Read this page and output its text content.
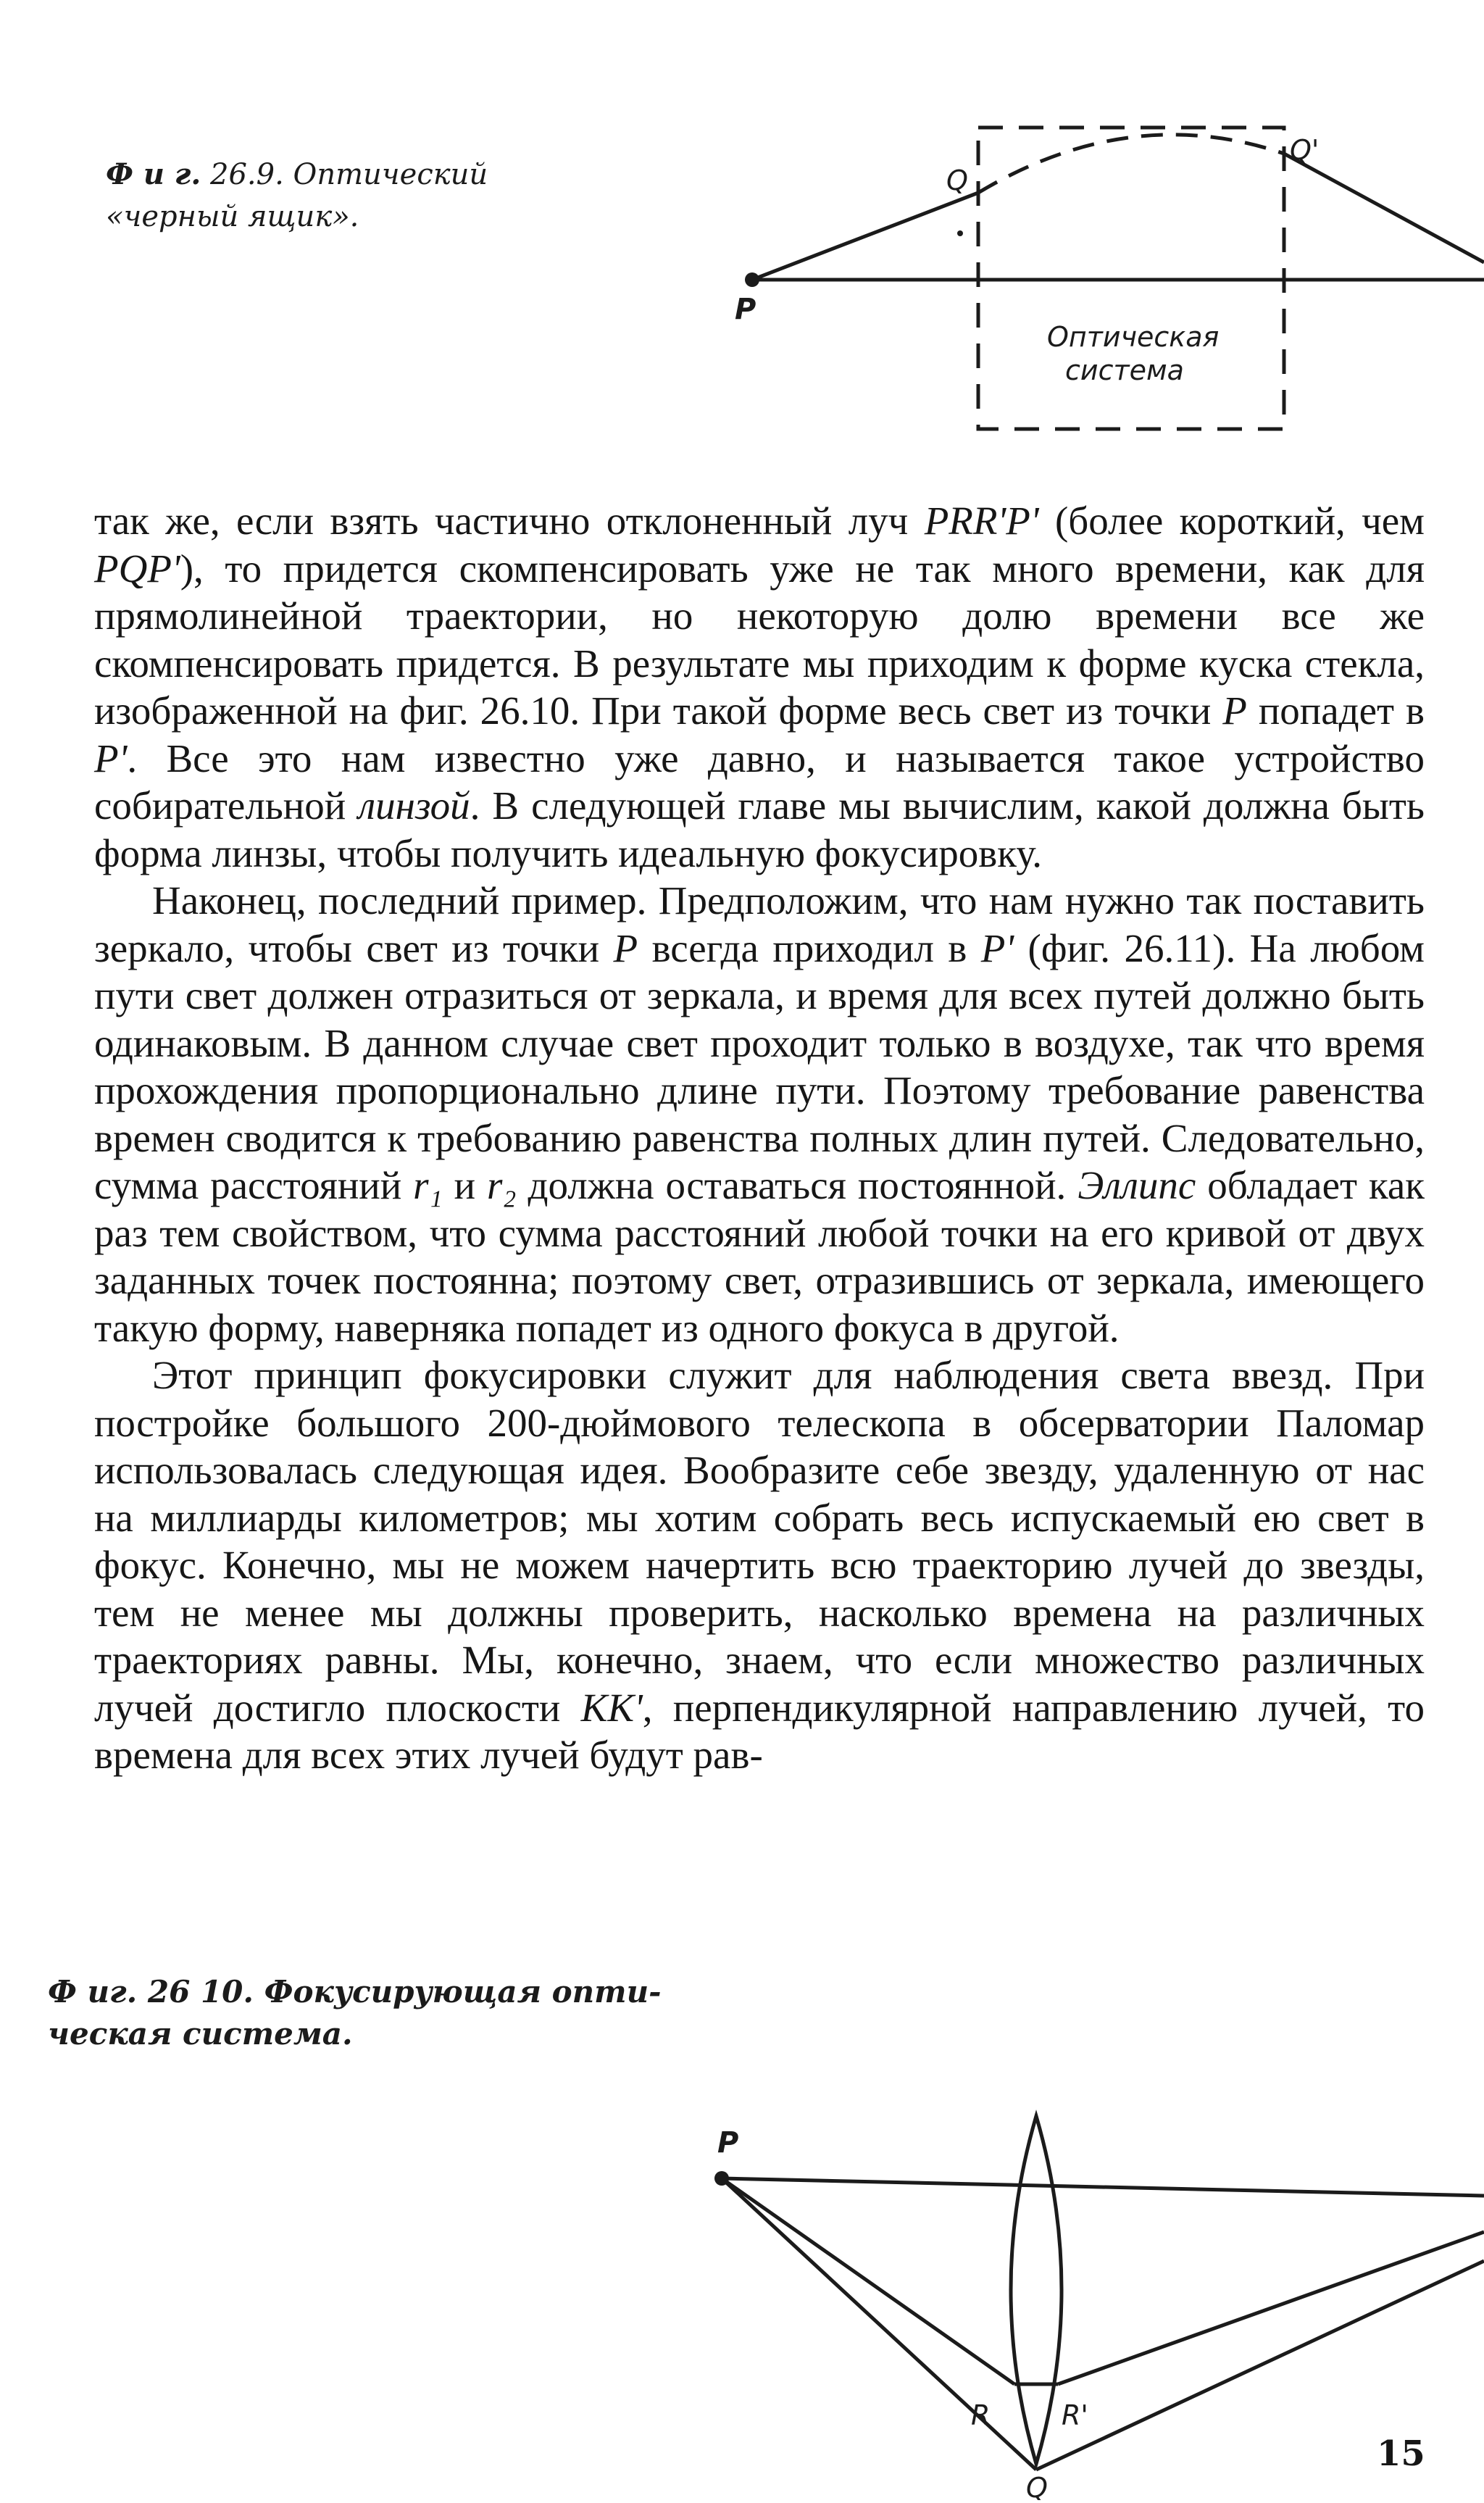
Ф и г. 26.9. Оптический
«черный ящик».
P
Q
Q'
Оптическая
система

так же, если взять частично отклоненный луч PRR'P' (более короткий, чем PQP'), то придется скомпенсировать уже не так много времени, как для прямолинейной траектории, но некоторую долю времени все же скомпенсировать придется. В результате мы приходим к форме куска стекла, изображенной на фиг. 26.10. При такой форме весь свет из точки P попадет в P'. Все это нам известно уже давно, и называется такое устройство собирательной линзой. В следующей главе мы вычислим, какой должна быть форма линзы, чтобы получить идеальную фокусировку.

Наконец, последний пример. Предположим, что нам нужно так поставить зеркало, чтобы свет из точки P всегда приходил в P' (фиг. 26.11). На любом пути свет должен отразиться от зеркала, и время для всех путей должно быть одинаковым. В данном случае свет проходит только в воздухе, так что время прохождения пропорционально длине пути. Поэтому требование равенства времен сводится к требованию равенства полных длин путей. Следовательно, сумма расстояний r₁ и r₂ должна оставаться постоянной. Эллипс обладает как раз тем свойством, что сумма расстояний любой точки на его кривой от двух заданных точек постоянна; поэтому свет, отразившись от зеркала, имеющего такую форму, наверняка попадет из одного фокуса в другой.

Этот принцип фокусировки служит для наблюдения света ввезд. При постройке большого 200-дюймового телескопа в обсерватории Паломар использовалась следующая идея. Вообразите себе звезду, удаленную от нас на миллиарды километров; мы хотим собрать весь испускаемый ею свет в фокус. Конечно, мы не можем начертить всю траекторию лучей до звезды, тем не менее мы должны проверить, насколько времена на различных траекториях равны. Мы, конечно, знаем, что если множество различных лучей достигло плоскости KK', перпендикулярной направлению лучей, то времена для всех этих лучей будут рав-

Ф иг. 26 10. Фокусирующая опти-
ческая система.
P
R	R'
Q
15
